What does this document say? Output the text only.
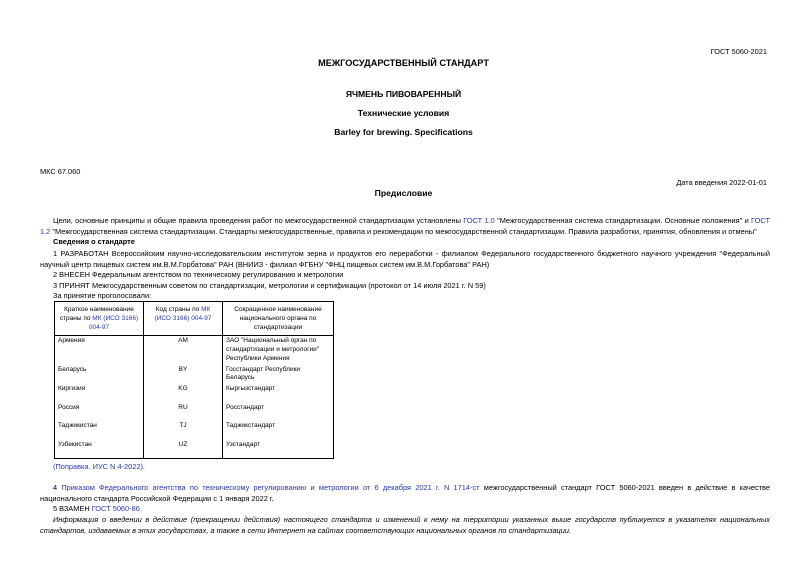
ГОСТ 5060-2021
МЕЖГОСУДАРСТВЕННЫЙ СТАНДАРТ
ЯЧМЕНЬ ПИВОВАРЕННЫЙ
Технические условия
Barley for brewing. Specifications
МКС 67.060
Дата введения 2022-01-01
Предисловие

Цели, основные принципы и общие правила проведения работ по межгосударственной стандартизации установлены ГОСТ 1.0 "Межгосударственная система стандартизации. Основные положения" и ГОСТ 1.2 "Межгосударственная система стандартизации. Стандарты межгосударственные, правила и рекомендации по межгосударственной стандартизации. Правила разработки, принятия, обновления и отмены"

Сведения о стандарте

1 РАЗРАБОТАН Всероссийским научно-исследовательским институтом зерна и продуктов его переработки - филиалом Федерального государственного бюджетного научного учреждения "Федеральный научный центр пищевых систем им.В.М.Горбатова" РАН (ВНИИЗ - филиал ФГБНУ "ФНЦ пищевых систем им.В.М.Горбатова" РАН)

2 ВНЕСЕН Федеральным агентством по техническому регулированию и метрологии

3 ПРИНЯТ Межгосударственным советом по стандартизации, метрологии и сертификации (протокол от 14 июля 2021 г. N 59)

За принятие проголосовали:

Краткое наименование страны по МК (ИСО 3166) 004-97	Код страны по МК (ИСО 3166) 004-97	Сокращенное наименование национального органа по стандартизации
Армения	AM	ЗАО "Национальный орган по стандартизации и метрологии" Республики Армения
Беларусь	BY	Госстандарт Республики Беларусь
Киргизия	KG	Кыргызстандарт
Россия	RU	Росстандарт
Таджикистан	TJ	Таджикстандарт
Узбекистан	UZ	Узстандарт

(Поправка. ИУС N 4-2022).

4 Приказом Федерального агентства по техническому регулированию и метрологии от 6 декабря 2021 г. N 1714-ст межгосударственный стандарт ГОСТ 5060-2021 введен в действие в качестве национального стандарта Российской Федерации с 1 января 2022 г.

5 ВЗАМЕН ГОСТ 5060-86

Информация о введении в действие (прекращении действия) настоящего стандарта и изменений к нему на территории указанных выше государств публикуется в указателях национальных стандартов, издаваемых в этих государствах, а также в сети Интернет на сайтах соответствующих национальных органов по стандартизации.
